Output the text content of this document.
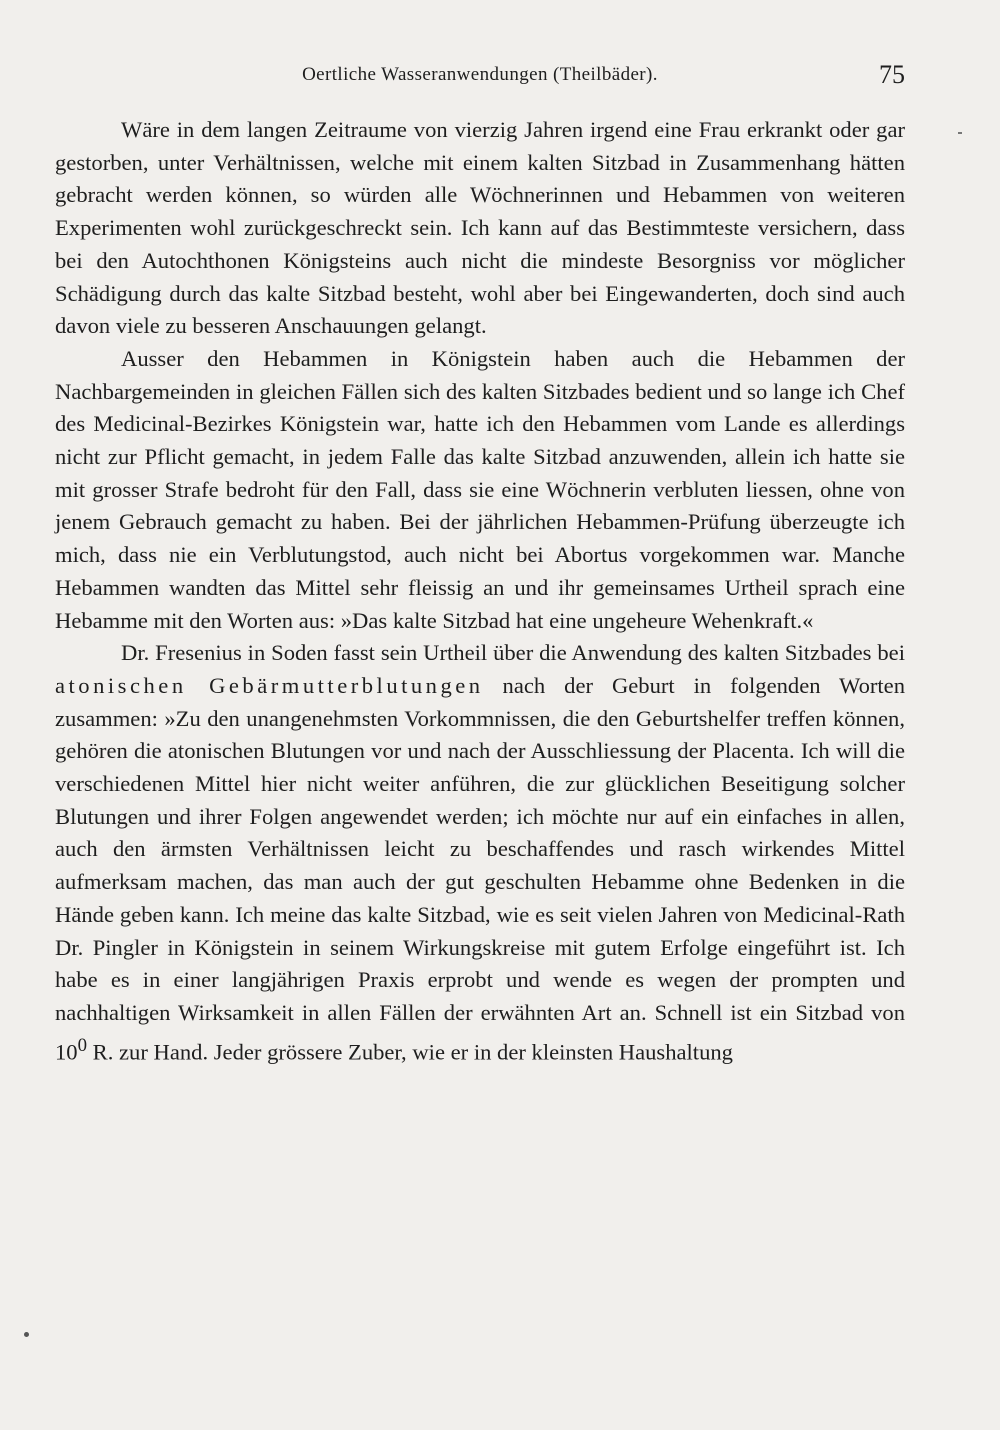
Oertliche Wasseranwendungen (Theilbäder).	75

Wäre in dem langen Zeitraume von vierzig Jahren irgend eine Frau erkrankt oder gar gestorben, unter Verhältnissen, welche mit einem kalten Sitzbad in Zusammenhang hätten gebracht werden können, so würden alle Wöchnerinnen und Hebammen von weiteren Experimenten wohl zurückgeschreckt sein. Ich kann auf das Bestimmteste versichern, dass bei den Autochthonen Königsteins auch nicht die mindeste Besorgniss vor möglicher Schädigung durch das kalte Sitzbad besteht, wohl aber bei Eingewanderten, doch sind auch davon viele zu besseren Anschauungen gelangt.

Ausser den Hebammen in Königstein haben auch die Hebammen der Nachbargemeinden in gleichen Fällen sich des kalten Sitzbades bedient und so lange ich Chef des Medicinal-Bezirkes Königstein war, hatte ich den Hebammen vom Lande es allerdings nicht zur Pflicht gemacht, in jedem Falle das kalte Sitzbad anzuwenden, allein ich hatte sie mit grosser Strafe bedroht für den Fall, dass sie eine Wöchnerin verbluten liessen, ohne von jenem Gebrauch gemacht zu haben. Bei der jährlichen Hebammen-Prüfung überzeugte ich mich, dass nie ein Verblutungstod, auch nicht bei Abortus vorgekommen war. Manche Hebammen wandten das Mittel sehr fleissig an und ihr gemeinsames Urtheil sprach eine Hebamme mit den Worten aus: »Das kalte Sitzbad hat eine ungeheure Wehenkraft.«

Dr. Fresenius in Soden fasst sein Urtheil über die Anwendung des kalten Sitzbades bei atonischen Gebärmutterblutungen nach der Geburt in folgenden Worten zusammen: »Zu den unangenehmsten Vorkommnissen, die den Geburtshelfer treffen können, gehören die atonischen Blutungen vor und nach der Ausschliessung der Placenta. Ich will die verschiedenen Mittel hier nicht weiter anführen, die zur glücklichen Beseitigung solcher Blutungen und ihrer Folgen angewendet werden; ich möchte nur auf ein einfaches in allen, auch den ärmsten Verhältnissen leicht zu beschaffendes und rasch wirkendes Mittel aufmerksam machen, das man auch der gut geschulten Hebamme ohne Bedenken in die Hände geben kann. Ich meine das kalte Sitzbad, wie es seit vielen Jahren von Medicinal-Rath Dr. Pingler in Königstein in seinem Wirkungskreise mit gutem Erfolge eingeführt ist. Ich habe es in einer langjährigen Praxis erprobt und wende es wegen der prompten und nachhaltigen Wirksamkeit in allen Fällen der erwähnten Art an. Schnell ist ein Sitzbad von $10^0$ R. zur Hand. Jeder grössere Zuber, wie er in der kleinsten Haushaltung
